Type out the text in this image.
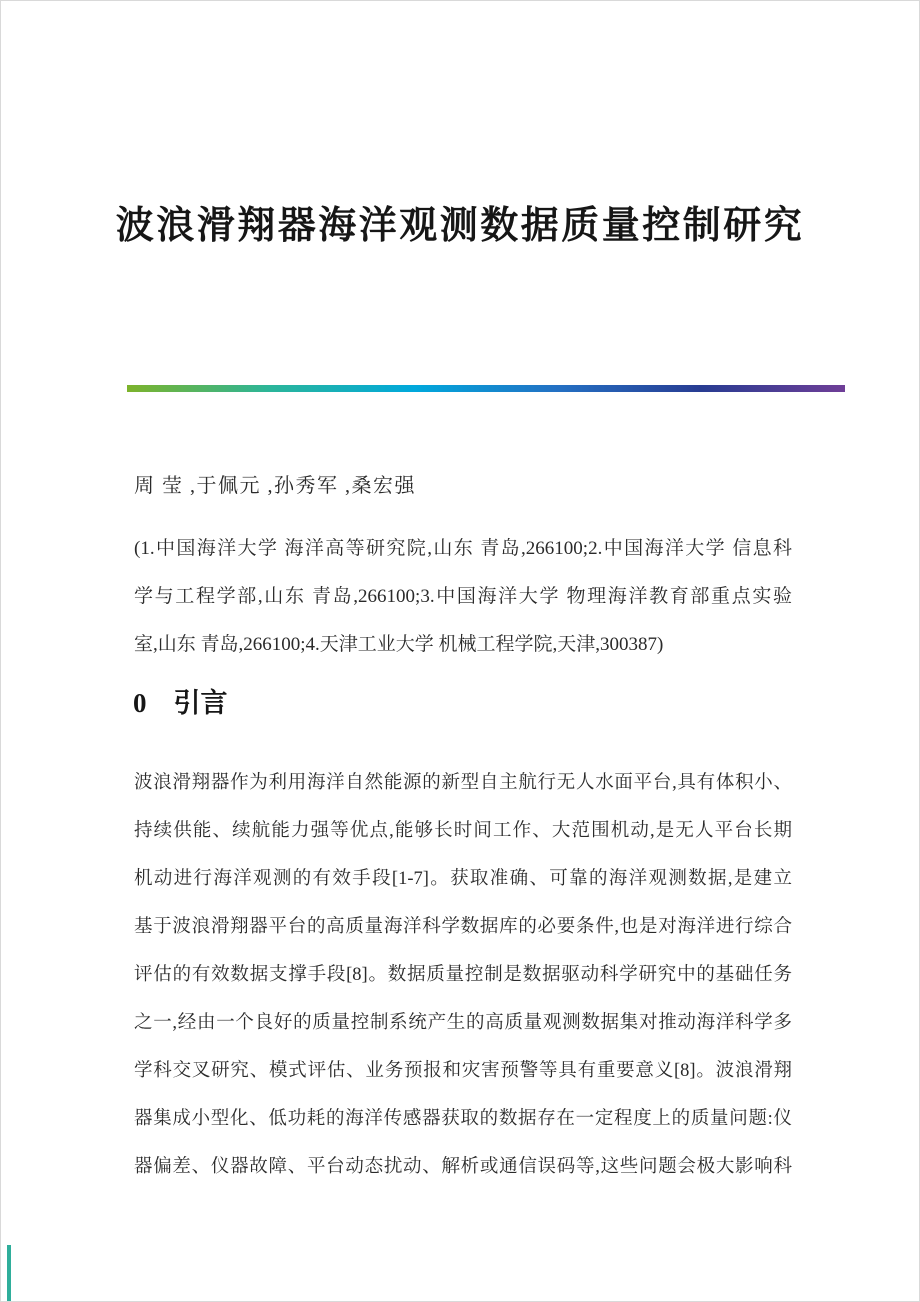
波浪滑翔器海洋观测数据质量控制研究
周 莹 ,于佩元 ,孙秀军 ,桑宏强
(1.中国海洋大学 海洋高等研究院,山东 青岛,266100;2.中国海洋大学 信息科
学与工程学部,山东 青岛,266100;3.中国海洋大学 物理海洋教育部重点实验
室,山东 青岛,266100;4.天津工业大学 机械工程学院,天津,300387)
0　引言
波浪滑翔器作为利用海洋自然能源的新型自主航行无人水面平台,具有体积小、
持续供能、续航能力强等优点,能够长时间工作、大范围机动,是无人平台长期
机动进行海洋观测的有效手段[1-7]。获取准确、可靠的海洋观测数据,是建立
基于波浪滑翔器平台的高质量海洋科学数据库的必要条件,也是对海洋进行综合
评估的有效数据支撑手段[8]。数据质量控制是数据驱动科学研究中的基础任务
之一,经由一个良好的质量控制系统产生的高质量观测数据集对推动海洋科学多
学科交叉研究、模式评估、业务预报和灾害预警等具有重要意义[8]。波浪滑翔
器集成小型化、低功耗的海洋传感器获取的数据存在一定程度上的质量问题:仪
器偏差、仪器故障、平台动态扰动、解析或通信误码等,这些问题会极大影响科
